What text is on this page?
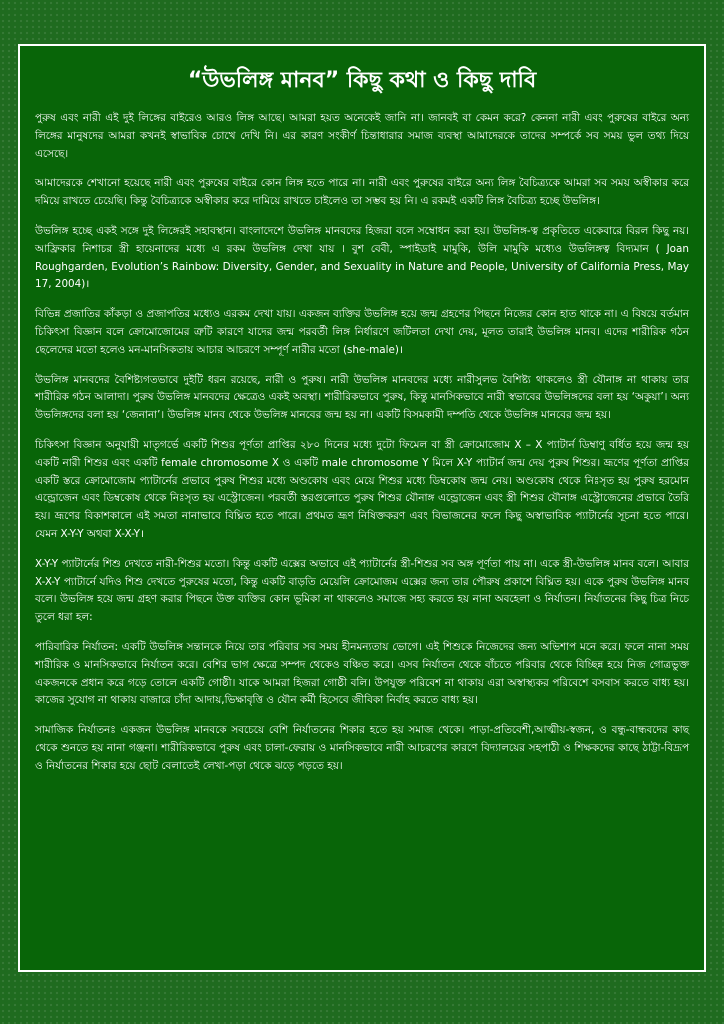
“উভলিঙ্গ মানব” কিছু কথা ও কিছু দাবি

পুরুষ এবং নারী এই দুই লিঙ্গের বাইরেও আরও লিঙ্গ আছে। আমরা হয়ত অনেকেই জানি না। জানবই বা কেমন করে? কেননা নারী এবং পুরুষের বাইরে অন্য লিঙ্গের মানুষদের আমরা কখনই স্বাভাবিক চোখে দেখি নি। এর কারণ সংকীর্ণ চিন্তাধারার সমাজ ব্যবস্থা আমাদেরকে তাদের সম্পর্কে সব সময় ভুল তথ্য দিয়ে এসেছে।

আমাদেরকে শেখানো হয়েছে নারী এবং পুরুষের বাইরে কোন লিঙ্গ হতে পারে না। নারী এবং পুরুষের বাইরে অন্য লিঙ্গ বৈচিত্র্যকে আমরা সব সময় অস্বীকার করে দমিয়ে রাখতে চেয়েছি। কিন্তু বৈচিত্র্যকে অস্বীকার করে দামিয়ে রাখতে চাইলেও তা সম্ভব হয় নি। এ রকমই একটি লিঙ্গ বৈচিত্র্য হচ্ছে উভলিঙ্গ।

উভলিঙ্গ হচ্ছে একই সঙ্গে দুই লিঙ্গেরই সহাবস্থান। বাংলাদেশে উভলিঙ্গ মানবদের হিজরা বলে সম্বোধন করা হয়। উভলিঙ্গ-ত্ব প্রকৃতিতে একেবারে বিরল কিছু নয়। আফ্রিকার নিশাচর স্ত্রী হায়েনাদের মধ্যে এ রকম উভলিঙ্গ দেখা যায় । বুশ বেবী, স্পাইডাই মামুকি, উলি মামুকি মধ্যেও উভলিঙ্গত্ব বিদ্যমান ( Joan Roughgarden, Evolution’s Rainbow: Diversity, Gender, and Sexuality in Nature and People, University of California Press, May 17, 2004)।

বিভিন্ন প্রজাতির কাঁকড়া ও প্রজাপতির মধ্যেও এরকম দেখা যায়। একজন ব্যক্তির উভলিঙ্গ হয়ে জন্ম গ্রহণের পিছনে নিজের কোন হাত থাকে না। এ বিষয়ে বর্তমান চিকিৎসা বিজ্ঞান বলে ক্রোমোজোমের ত্রুটি কারণে যাদের জন্ম পরবর্তী লিঙ্গ নির্ধারণে জটিলতা দেখা দেয়, মূলত তারাই উভলিঙ্গ মানব। এদের শারীরিক গঠন ছেলেদের মতো হলেও মন-মানসিকতায় আচার আচরণে সম্পূর্ণ নারীর মতো (she-male)।

উভলিঙ্গ মানবদের বৈশিষ্ট্যগতভাবে দুইটি ধরন রয়েছে, নারী ও পুরুষ। নারী উভলিঙ্গ মানবদের মধ্যে নারীসুলভ বৈশিষ্ট্য থাকলেও স্ত্রী যৌনাঙ্গ না থাকায় তার শারীরিক গঠন আলাদা। পুরুষ উভলিঙ্গ মানবদের ক্ষেত্রেও একই অবস্থা। শারীরিকভাবে পুরুষ, কিন্তু মানসিকভাবে নারী স্বভাবের উভলিঙ্গদের বলা হয় ‘অকুয়া’। অন্য উভলিঙ্গদের বলা হয় ‘জেনানা’। উভলিঙ্গ মানব থেকে উভলিঙ্গ মানবের জন্ম হয় না। একটি বিসমকামী দম্পতি থেকে উভলিঙ্গ মানবের জন্ম হয়।

চিকিৎসা বিজ্ঞান অনুযায়ী মাতৃগর্ভে একটি শিশুর পূর্ণতা প্রাপ্তির ২৮০ দিনের মধ্যে দুটো ফিমেল বা স্ত্রী ক্রোমোজোম X – X প্যাটার্ন ডিম্বাণু বর্ধিত হয়ে জন্ম হয় একটি নারী শিশুর এবং একটি female chromosome X ও একটি male chromosome Y মিলে X-Y প্যাটার্ন জন্ম দেয় পুরুষ শিশুর। ভ্রূণের পূর্ণতা প্রাপ্তির একটি স্তরে ক্রোমোজোম প্যাটার্নের প্রভাবে পুরুষ শিশুর মধ্যে অণ্ডকোষ এবং মেয়ে শিশুর মধ্যে ডিম্বকোষ জন্ম নেয়। অণ্ডকোষ থেকে নিঃসৃত হয় পুরুষ হরমোন এন্ড্রোজেন এবং ডিম্বকোষ থেকে নিঃসৃত হয় এস্ট্রোজেন। পরবর্তী স্তরগুলোতে পুরুষ শিশুর যৌনাঙ্গ এন্ড্রোজেন এবং স্ত্রী শিশুর যৌনাঙ্গ এস্ট্রোজেনের প্রভাবে তৈরি হয়। ভ্রূণের বিকাশকালে এই সমতা নানাভাবে বিঘ্নিত হতে পারে। প্রথমত ভ্রূণ নিষিক্তকরণ এবং বিভাজনের ফলে কিছু অস্বাভাবিক প্যাটার্নের সূচনা হতে পারে। যেমন X-Y-Y অথবা X-X-Y।

X-Y-Y প্যাটার্নের শিশু দেখতে নারী-শিশুর মতো। কিন্তু একটি এক্সের অভাবে এই প্যাটার্নের স্ত্রী-শিশুর সব অঙ্গ পূর্ণতা পায় না। একে স্ত্রী-উভলিঙ্গ মানব বলে। আবার X-X-Y প্যাটার্নে যদিও শিশু দেখতে পুরুষের মতো, কিন্তু একটি বাড়তি মেয়েলি ক্রোমোজম এক্সের জন্য তার পৌরুষ প্রকাশে বিঘ্নিত হয়। একে পুরুষ উভলিঙ্গ মানব বলে। উভলিঙ্গ হয়ে জন্ম গ্রহণ করার পিছনে উক্ত ব্যক্তির কোন ভূমিকা না থাকলেও সমাজে সহ্য করতে হয় নানা অবহেলা ও নির্যাতন। নির্যাতনের কিছু চিত্র নিচে তুলে ধরা হল:

পারিবারিক নির্যাতন: একটি উভলিঙ্গ সন্তানকে নিয়ে তার পরিবার সব সময় হীনমন্যতায় ভোগে। এই শিশুকে নিজেদের জন্য অভিশাপ মনে করে। ফলে নানা সময় শারীরিক ও মানসিকভাবে নির্যাতন করে। বেশির ভাগ ক্ষেত্রে সম্পদ থেকেও বঞ্চিত করে। এসব নির্যাতন থেকে বাঁচতে পরিবার থেকে বিচ্ছিন্ন হয়ে নিজ গোত্রভুক্ত একজনকে প্রধান করে গড়ে তোলে একটি গোষ্ঠী। যাকে আমরা হিজরা গোষ্ঠী বলি। উপযুক্ত পরিবেশ না থাকায় এরা অস্বাস্থ্যকর পরিবেশে বসবাস করতে বাধ্য হয়। কাজের সুযোগ না থাকায় বাজারে চাঁদা আদায়,ভিক্ষাবৃত্তি ও যৌন কর্মী হিসেবে জীবিকা নির্বাহ করতে বাধ্য হয়।

সামাজিক নির্যাতনঃ একজন উভলিঙ্গ মানবকে সবচেয়ে বেশি নির্যাতনের শিকার হতে হয় সমাজ থেকে। পাড়া-প্রতিবেশী,আত্মীয়-স্বজন, ও বন্ধু-বান্ধবদের কাছ থেকে শুনতে হয় নানা গঞ্জনা। শারীরিকভাবে পুরুষ এবং চালা-ফেরায় ও মানসিকভাবে নারী আচরণের কারণে বিদ্যালয়ের সহপাঠী ও শিক্ষকদের কাছে ঠাট্টা-বিদ্রূপ ও নির্যাতনের শিকার হয়ে ছোট বেলাতেই লেখা-পড়া থেকে ঝড়ে পড়তে হয়।
